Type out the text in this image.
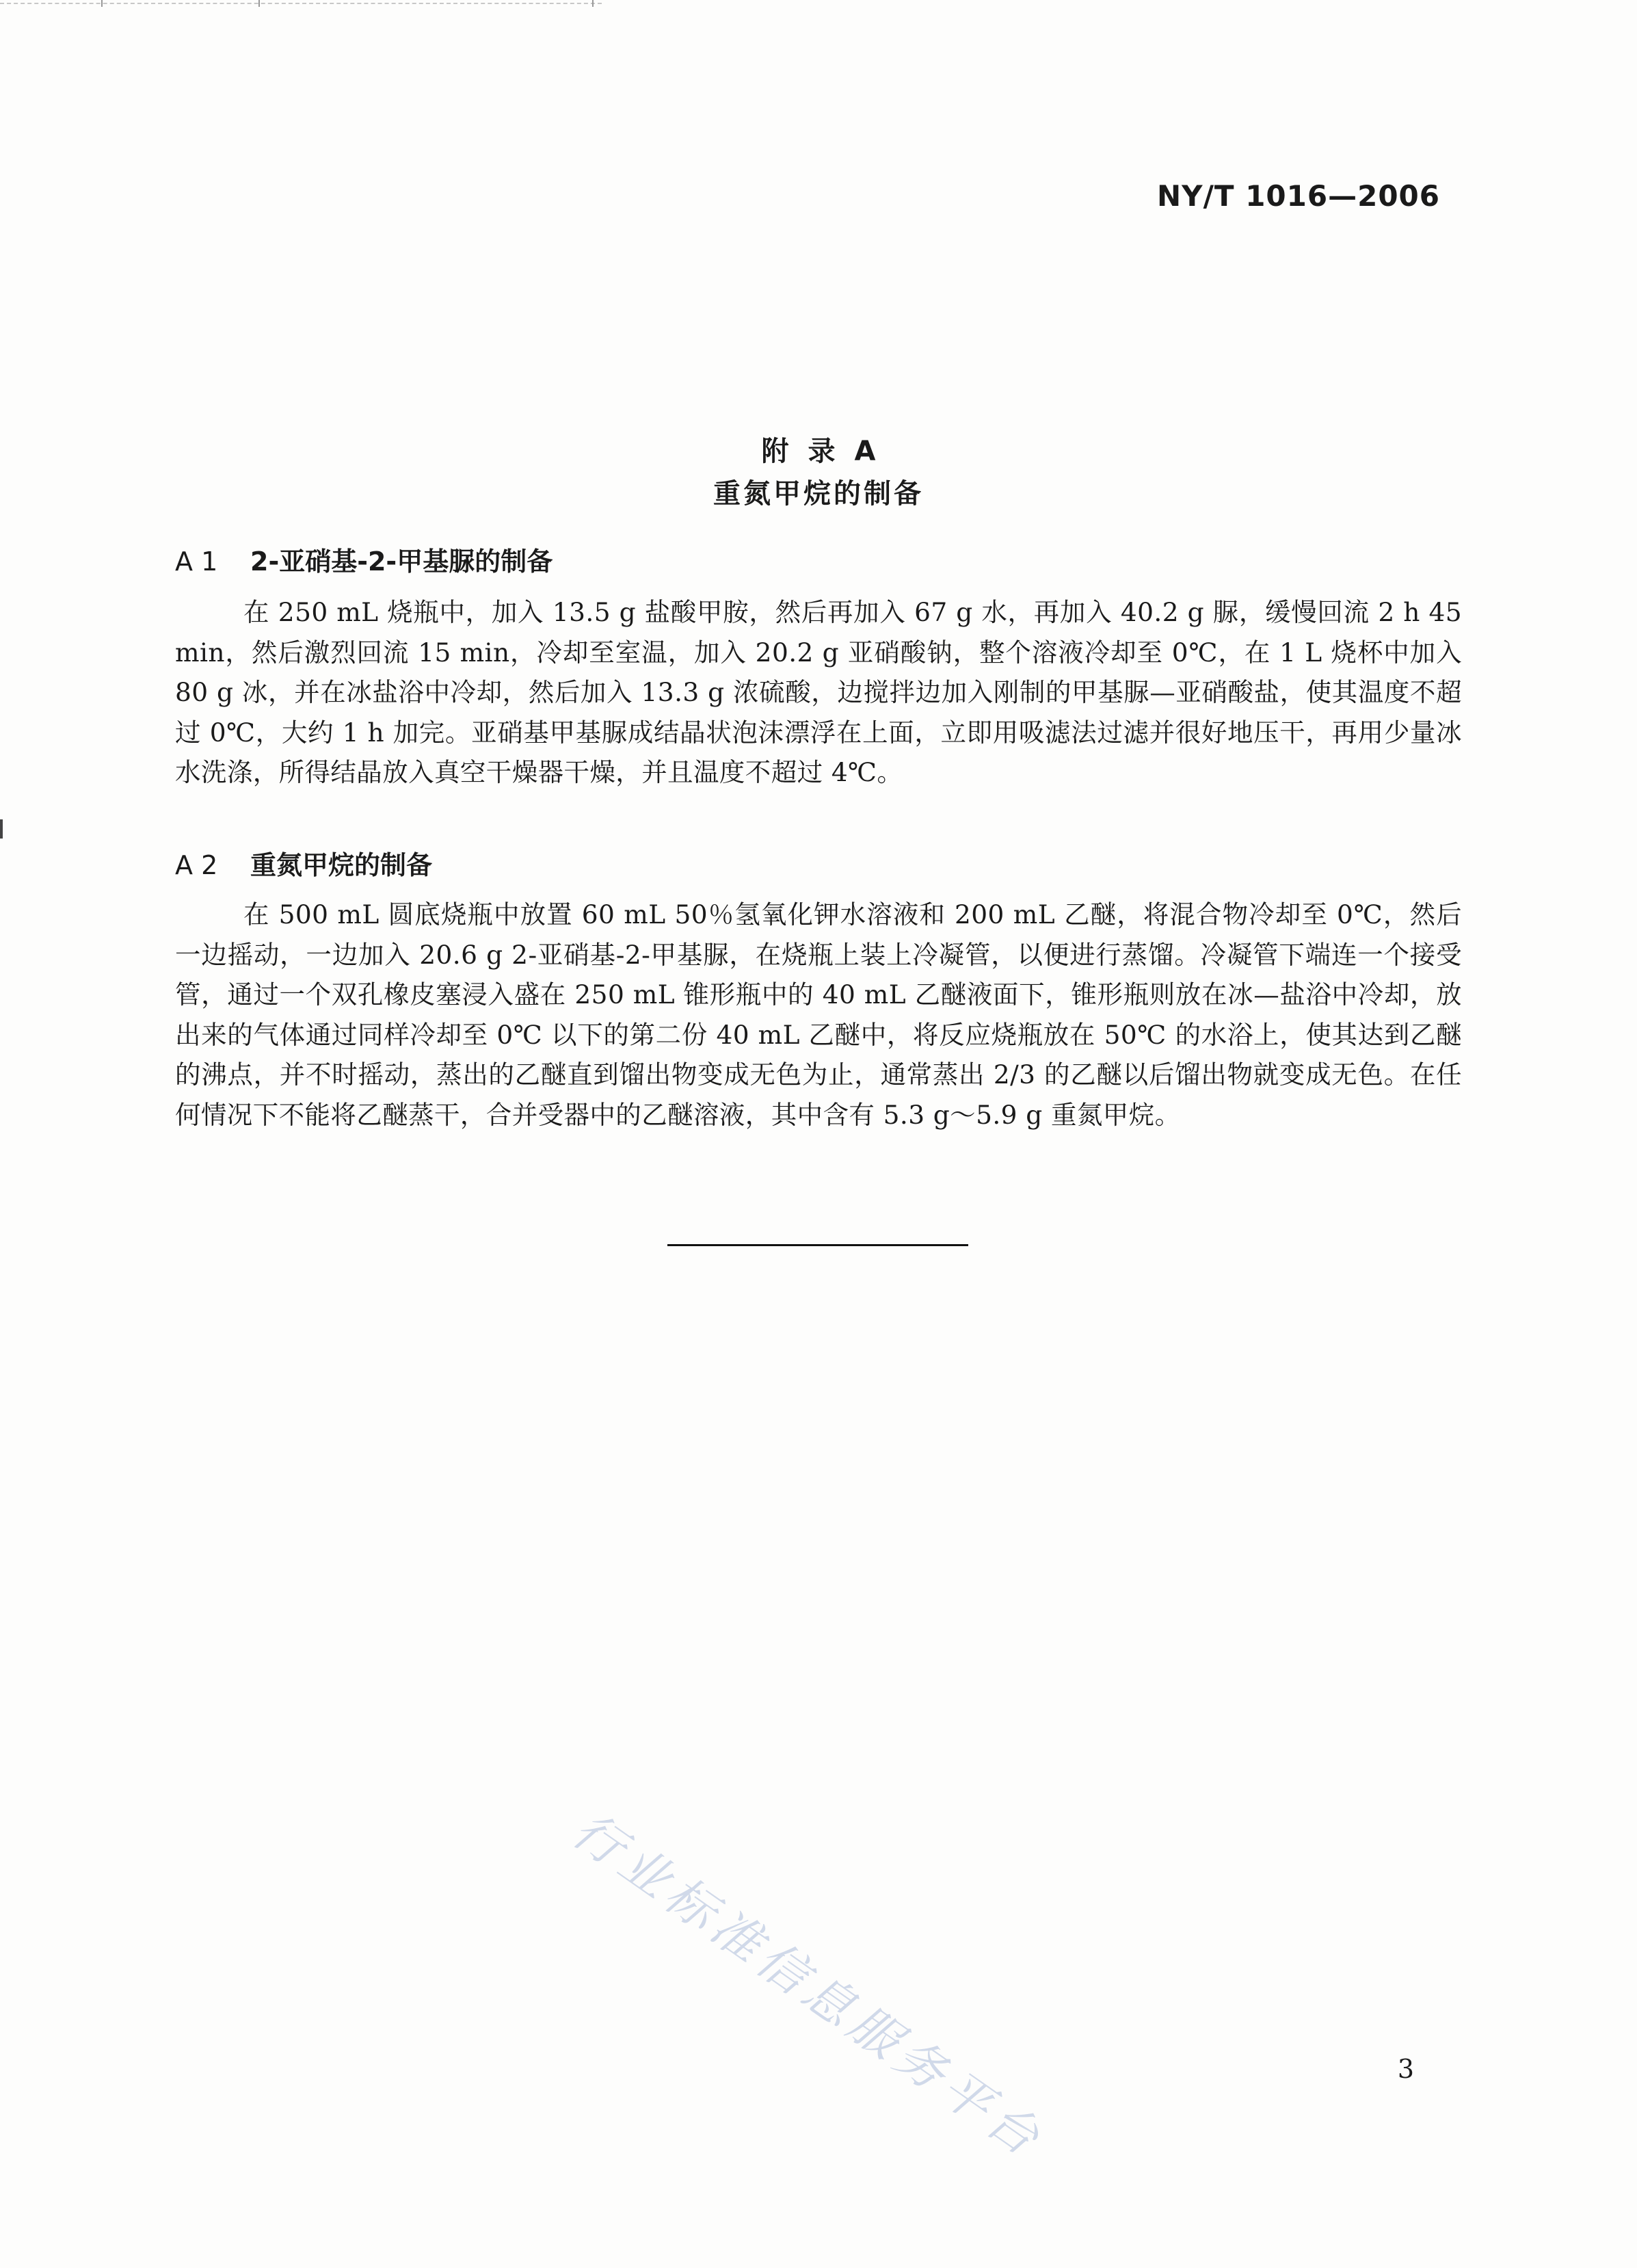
NY/T 1016—2006
附录A
重氮甲烷的制备
A 1 2-亚硝基-2-甲基脲的制备
在 250 mL 烧瓶中，加入 13.5 g 盐酸甲胺，然后再加入 67 g 水，再加入 40.2 g 脲，缓慢回流 2 h 45 min，然后激烈回流 15 min，冷却至室温，加入 20.2 g 亚硝酸钠，整个溶液冷却至 0℃，在 1 L 烧杯中加入 80 g 冰，并在冰盐浴中冷却，然后加入 13.3 g 浓硫酸，边搅拌边加入刚制的甲基脲—亚硝酸盐，使其温度不超过 0℃，大约 1 h 加完。亚硝基甲基脲成结晶状泡沫漂浮在上面，立即用吸滤法过滤并很好地压干，再用少量冰水洗涤，所得结晶放入真空干燥器干燥，并且温度不超过 4℃。
A 2 重氮甲烷的制备
在 500 mL 圆底烧瓶中放置 60 mL 50％氢氧化钾水溶液和 200 mL 乙醚，将混合物冷却至 0℃，然后一边摇动，一边加入 20.6 g 2-亚硝基-2-甲基脲，在烧瓶上装上冷凝管，以便进行蒸馏。冷凝管下端连一个接受管，通过一个双孔橡皮塞浸入盛在 250 mL 锥形瓶中的 40 mL 乙醚液面下，锥形瓶则放在冰—盐浴中冷却，放出来的气体通过同样冷却至 0℃ 以下的第二份 40 mL 乙醚中，将反应烧瓶放在 50℃ 的水浴上，使其达到乙醚的沸点，并不时摇动，蒸出的乙醚直到馏出物变成无色为止，通常蒸出 2/3 的乙醚以后馏出物就变成无色。在任何情况下不能将乙醚蒸干，合并受器中的乙醚溶液，其中含有 5.3 g～5.9 g 重氮甲烷。
行业标准信息服务平台	3
